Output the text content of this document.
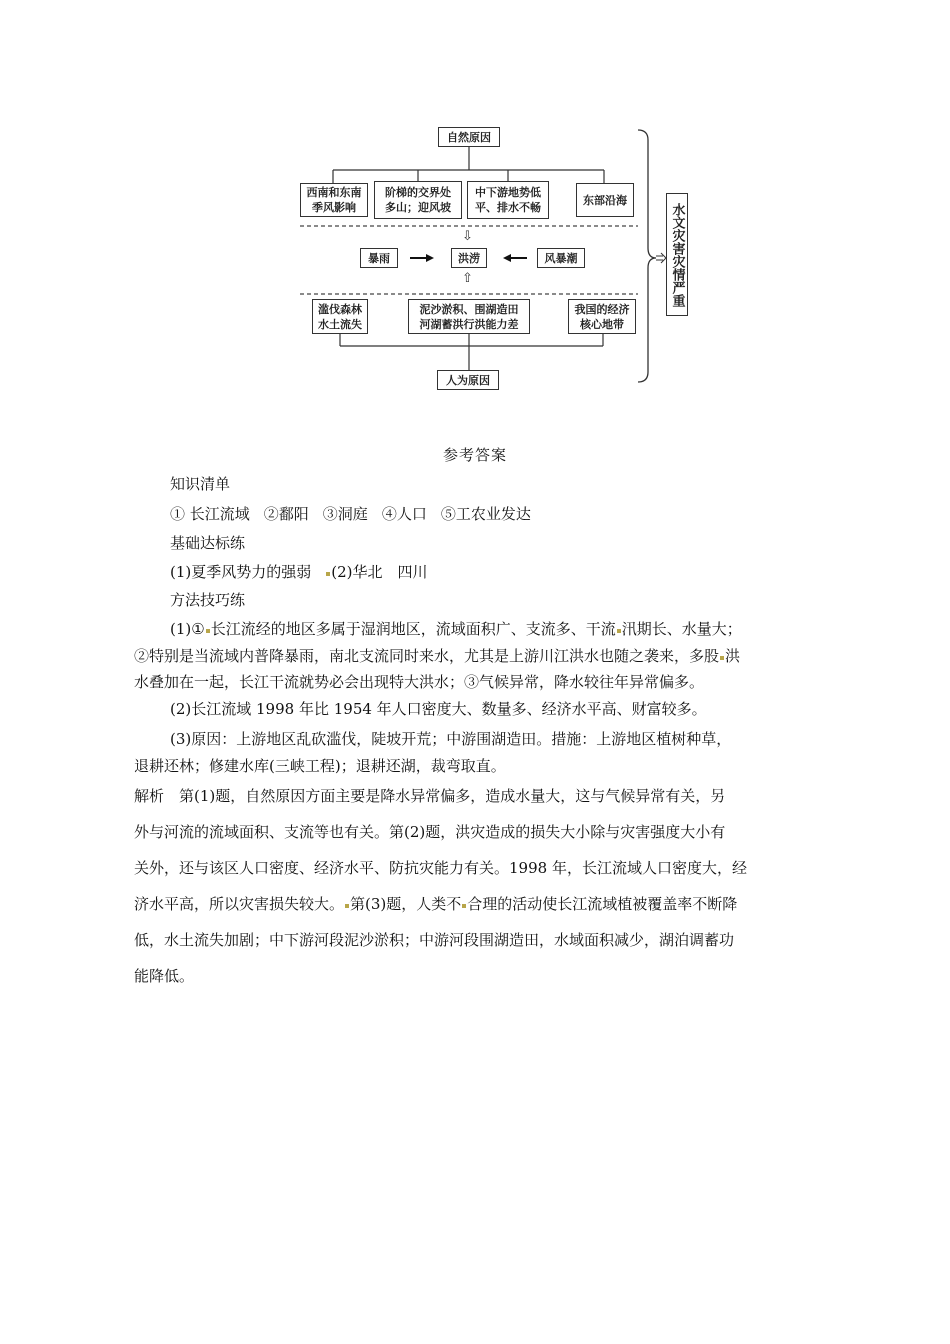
自然原因
西南和东南
季风影响
阶梯的交界处
多山；迎风坡
中下游地势低
平、排水不畅
东部沿海
⇩
暴雨	洪涝	风暴潮
⇧
滥伐森林
水土流失
泥沙淤积、围湖造田
河湖蓄洪行洪能力差
我国的经济
核心地带
人为原因
水文灾害灾情严重
参考答案
知识清单
① 长江流域 ②鄱阳 ③洞庭 ④人口 ⑤工农业发达
基础达标练
(1)夏季风势力的强弱 (2)华北　四川
方法技巧练
(1)① 长江流经的地区多属于湿润地区，流域面积广、支流多、干流 汛期长、水量大；
②特别是当流域内普降暴雨，南北支流同时来水，尤其是上游川江洪水也随之袭来，多股 洪
水叠加在一起，长江干流就势必会出现特大洪水；③气候异常，降水较往年异常偏多。
(2)长江流域 1998 年比 1954 年人口密度大、数量多、经济水平高、财富较多。
(3)原因：上游地区乱砍滥伐，陡坡开荒；中游围湖造田。措施：上游地区植树种草，
退耕还林；修建水库(三峡工程)；退耕还湖，裁弯取直。
解析　第(1)题，自然原因方面主要是降水异常偏多，造成水量大，这与气候异常有关，另
外与河流的流域面积、支流等也有关。第(2)题，洪灾造成的损失大小除与灾害强度大小有
关外，还与该区人口密度、经济水平、防抗灾能力有关。1998 年，长江流域人口密度大，经
济水平高，所以灾害损失较大。 第(3)题，人类不 合理的活动使长江流域植被覆盖率不断降
低，水土流失加剧；中下游河段泥沙淤积；中游河段围湖造田，水域面积减少，湖泊调蓄功
能降低。
